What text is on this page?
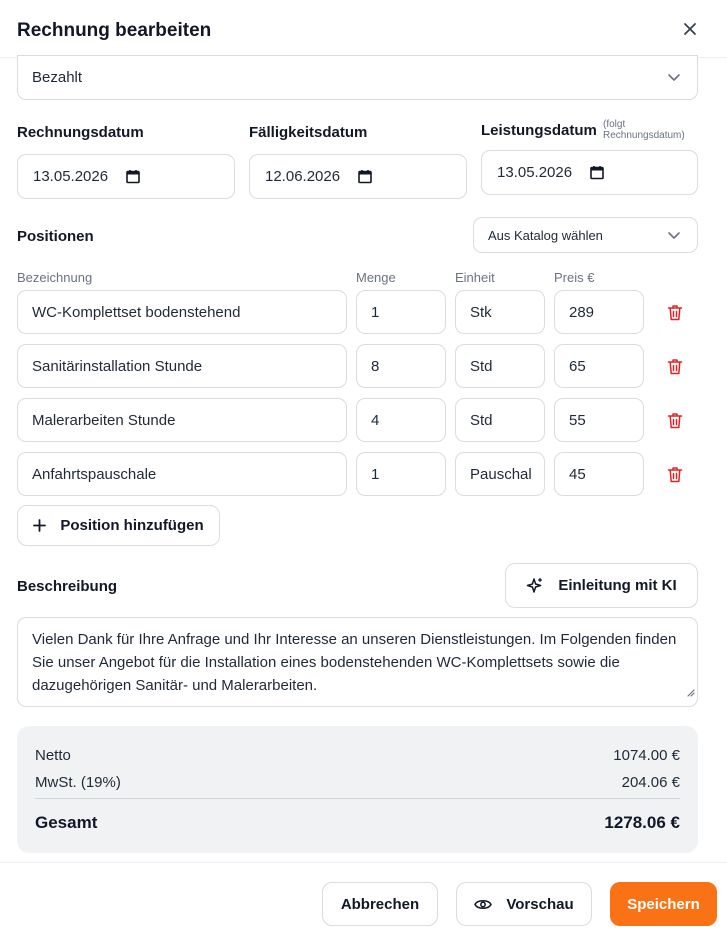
Rechnung bearbeiten
Bezahlt
Rechnungsdatum	Fälligkeitsdatum	Leistungsdatum (folgt
Rechnungsdatum)
13.05.2026	12.06.2026	13.05.2026
Positionen	Aus Katalog wählen
Bezeichnung	Menge	Einheit	Preis €
WC-Komplettset bodenstehend	1	Stk	289
Sanitärinstallation Stunde	8	Std	65
Malerarbeiten Stunde	4	Std	55
Anfahrtspauschale	1	Pauschal 45
Position hinzufügen
Beschreibung	Einleitung mit KI
Vielen Dank für Ihre Anfrage und Ihr Interesse an unseren Dienstleistungen. Im Folgenden finden Sie unser Angebot für die Installation eines bodenstehenden WC-Komplettsets sowie die dazugehörigen Sanitär- und Malerarbeiten.
Netto	1074.00 €
MwSt. (19%)	204.06 €
Gesamt	1278.06 €
Abbrechen	Vorschau	Speichern
